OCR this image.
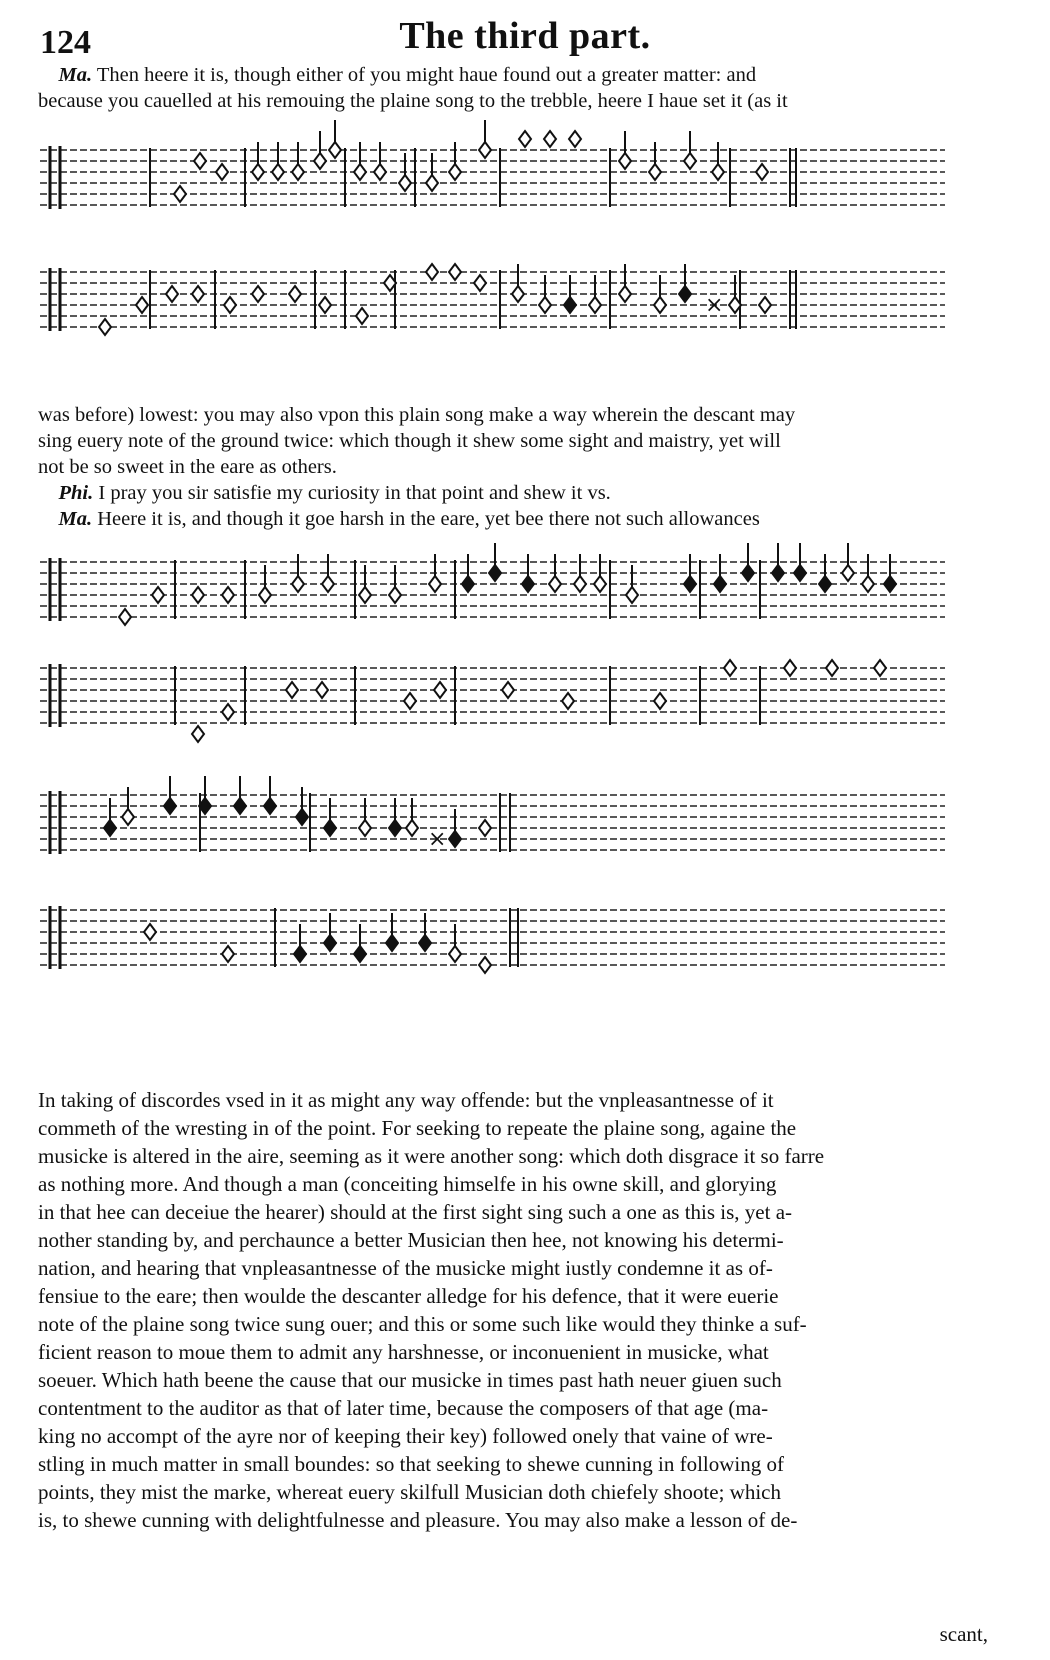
124	The third part.
Ma. Then heere it is, though either of you might haue found out a greater matter: and
because you cauelled at his remouing the plaine song to the trebble, heere I haue set it (as it
was before) lowest: you may also vpon this plain song make a way wherein the descant may
sing euery note of the ground twice: which though it shew some sight and maistry, yet will
not be so sweet in the eare as others.
Phi. I pray you sir satisfie my curiosity in that point and shew it vs.
Ma. Heere it is, and though it goe harsh in the eare, yet bee there not such allowances
In taking of discordes vsed in it as might any way offende: but the vnpleasantnesse of it
commeth of the wresting in of the point. For seeking to repeate the plaine song, againe the
musicke is altered in the aire, seeming as it were another song: which doth disgrace it so farre
as nothing more. And though a man (conceiting himselfe in his owne skill, and glorying
in that hee can deceiue the hearer) should at the first sight sing such a one as this is, yet a-
nother standing by, and perchaunce a better Musician then hee, not knowing his determi-
nation, and hearing that vnpleasantnesse of the musicke might iustly condemne it as of-
fensiue to the eare; then woulde the descanter alledge for his defence, that it were euerie
note of the plaine song twice sung ouer; and this or some such like would they thinke a suf-
ficient reason to moue them to admit any harshnesse, or inconuenient in musicke, what
soeuer. Which hath beene the cause that our musicke in times past hath neuer giuen such
contentment to the auditor as that of later time, because the composers of that age (ma-
king no accompt of the ayre nor of keeping their key) followed onely that vaine of wre-
stling in much matter in small boundes: so that seeking to shewe cunning in following of
points, they mist the marke, whereat euery skilfull Musician doth chiefely shoote; which
is, to shewe cunning with delightfulnesse and pleasure. You may also make a lesson of de-
scant,
×
×
